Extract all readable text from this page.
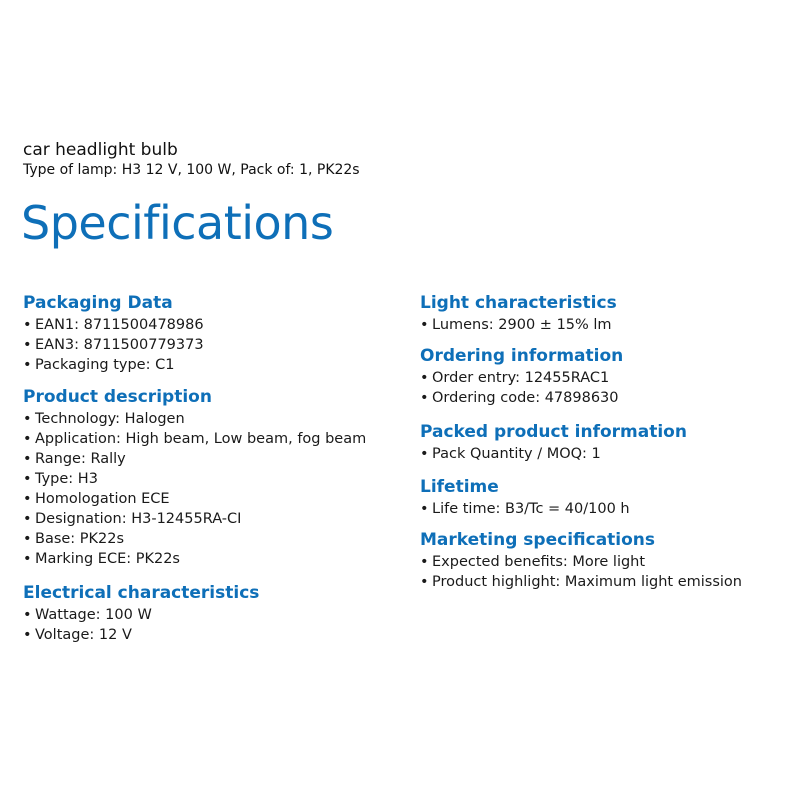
car headlight bulb

Type of lamp: H3 12 V, 100 W, Pack of: 1, PK22s

Specifications
Packaging Data
• EAN1: 8711500478986
• EAN3: 8711500779373
• Packaging type: C1
Product description
• Technology: Halogen
• Application: High beam, Low beam, fog beam
• Range: Rally
• Type: H3
• Homologation ECE
• Designation: H3-12455RA-CI
• Base: PK22s
• Marking ECE: PK22s
Electrical characteristics
• Wattage: 100 W
• Voltage: 12 V
Light characteristics
• Lumens: 2900 ± 15% lm
Ordering information
• Order entry: 12455RAC1
• Ordering code: 47898630
Packed product information
• Pack Quantity / MOQ: 1
Lifetime
• Life time: B3/Tc = 40/100 h
Marketing specifications
• Expected benefits: More light
• Product highlight: Maximum light emission
